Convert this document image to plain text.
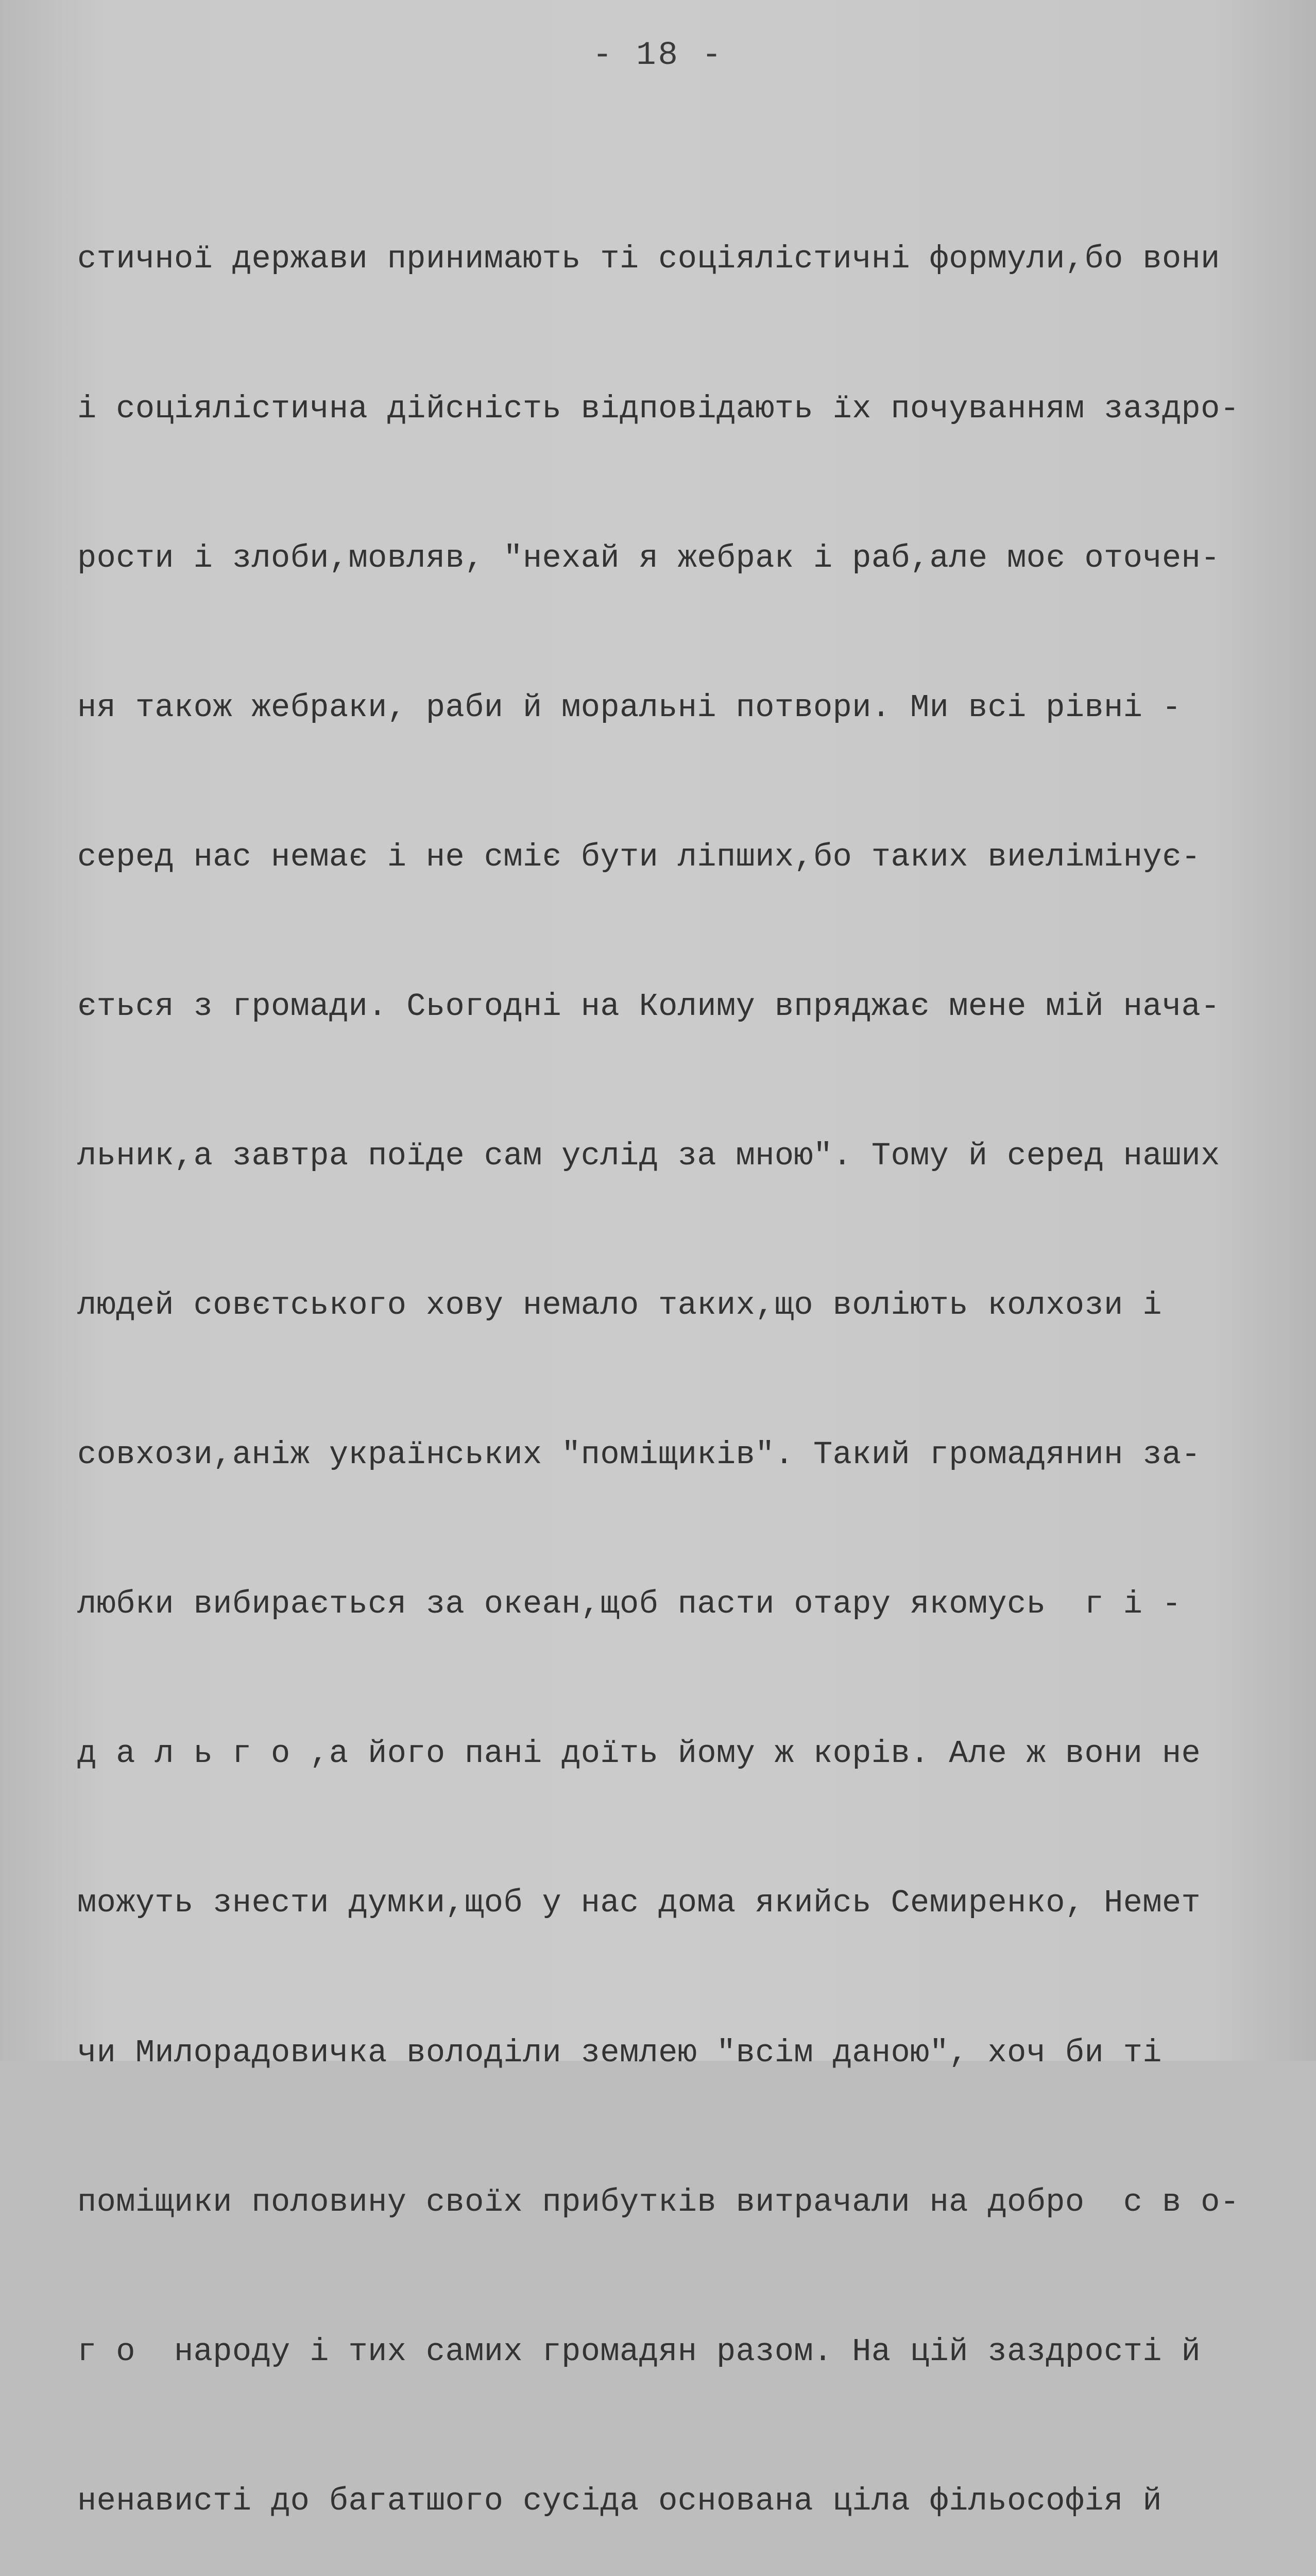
- 18 -

стичної держави принимають ті соціялістичні формули,бо вони

і соціялістична дійсність відповідають їх почуванням заздро-

рости і злоби,мовляв, "нехай я жебрак і раб,але моє оточен-

ня також жебраки, раби й моральні потвори. Ми всі рівні -

серед нас немає і не сміє бути ліпших,бо таких виелімінує-

ється з громади. Сьогодні на Колиму впряджає мене мій нача-

льник,а завтра поїде сам услід за мною". Тому й серед наших

людей совєтського хову немало таких,що воліють колхози і

совхози,аніж українських "поміщиків". Такий громадянин за-

любки вибирається за океан,щоб пасти отару якомусь  г і -

д а л ь г о ,а його пані доїть йому ж корів. Але ж вони не

можуть знести думки,щоб у нас дома якийсь Семиренко, Немет

чи Милорадовичка володіли землею "всім даною", хоч би ті

поміщики половину своїх прибутків витрачали на добро  с в о-

г о  народу і тих самих громадян разом. На цій заздрості й

ненависті до багатшого сусіда основана ціла фільософія й
